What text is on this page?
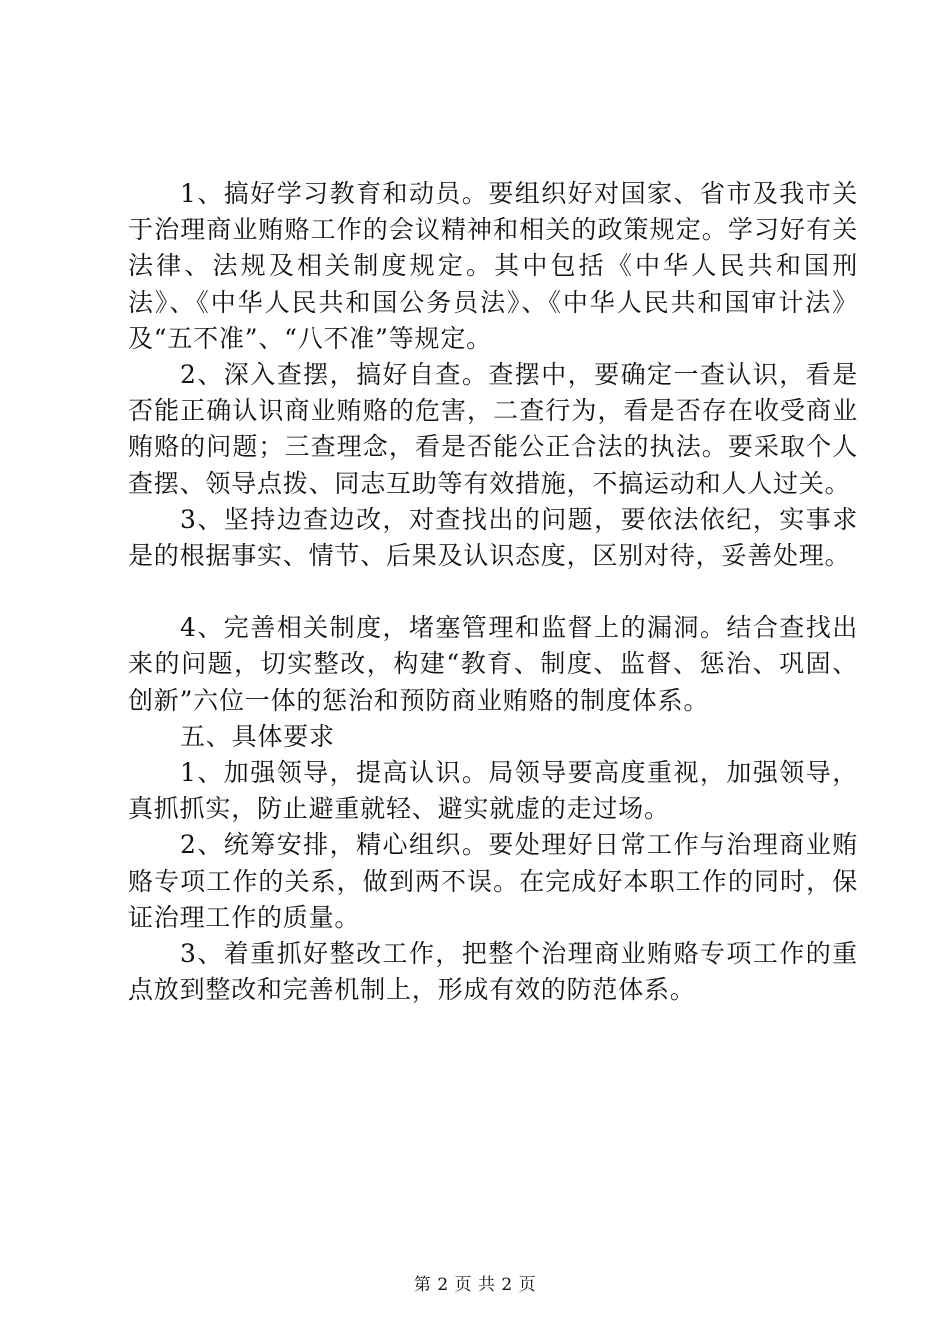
1、搞好学习教育和动员。要组织好对国家、省市及我市关于治理商业贿赂工作的会议精神和相关的政策规定。学习好有关法律、法规及相关制度规定。其中包括《中华人民共和国刑法》、《中华人民共和国公务员法》、《中华人民共和国审计法》及“五不准”、“八不准”等规定。

2、深入查摆，搞好自查。查摆中，要确定一查认识，看是否能正确认识商业贿赂的危害，二查行为，看是否存在收受商业贿赂的问题；三查理念，看是否能公正合法的执法。要采取个人查摆、领导点拨、同志互助等有效措施，不搞运动和人人过关。

3、坚持边查边改，对查找出的问题，要依法依纪，实事求是的根据事实、情节、后果及认识态度，区别对待，妥善处理。

4、完善相关制度，堵塞管理和监督上的漏洞。结合查找出来的问题，切实整改，构建“教育、制度、监督、惩治、巩固、创新”六位一体的惩治和预防商业贿赂的制度体系。

五、具体要求

1、加强领导，提高认识。局领导要高度重视，加强领导，真抓抓实，防止避重就轻、避实就虚的走过场。

2、统筹安排，精心组织。要处理好日常工作与治理商业贿赂专项工作的关系，做到两不误。在完成好本职工作的同时，保证治理工作的质量。

3、着重抓好整改工作，把整个治理商业贿赂专项工作的重点放到整改和完善机制上，形成有效的防范体系。

第 2 页 共 2 页
